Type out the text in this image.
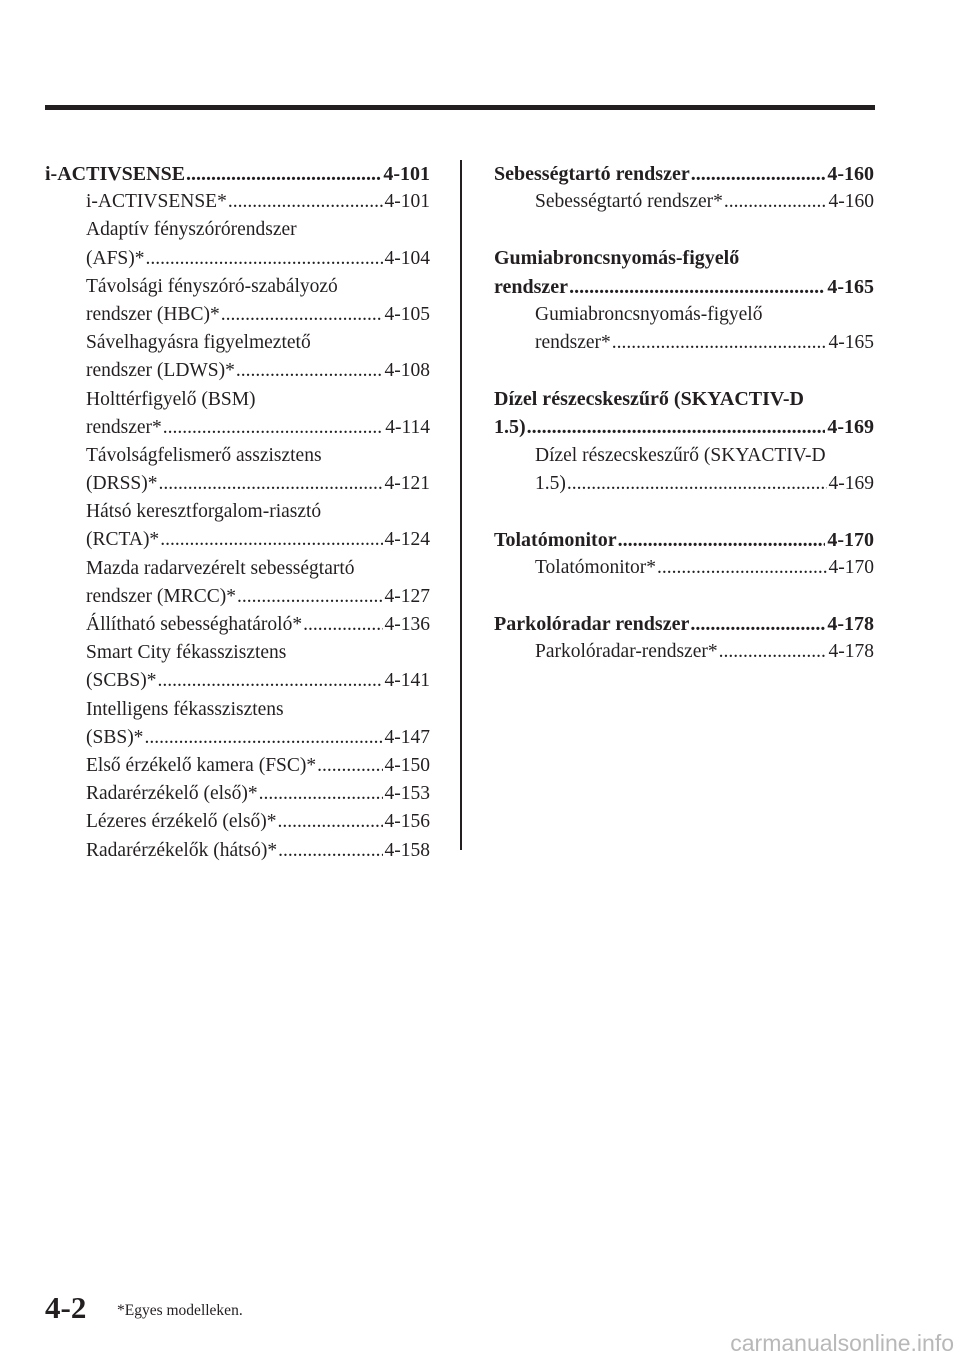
i-ACTIVSENSE .....	4-101
i-ACTIVSENSE* .....	4-101
Adaptív fényszórórendszer
(AFS)* .....	4-104
Távolsági fényszóró-szabályozó
rendszer (HBC)* .....	4-105
Sávelhagyásra figyelmeztető
rendszer (LDWS)* .....	4-108
Holttérfigyelő (BSM)
rendszer* .....	4-114
Távolságfelismerő asszisztens
(DRSS)* .....	4-121
Hátsó keresztforgalom-riasztó
(RCTA)* .....	4-124
Mazda radarvezérelt sebességtartó
rendszer (MRCC)* .....	4-127
Állítható sebességhatároló* .....	4-136
Smart City fékasszisztens
(SCBS)* .....	4-141
Intelligens fékasszisztens
(SBS)* .....	4-147
Első érzékelő kamera (FSC)* .....	4-150
Radarérzékelő (első)* .....	4-153
Lézeres érzékelő (első)* .....	4-156
Radarérzékelők (hátsó)* .....	4-158
Sebességtartó rendszer .....	4-160
Sebességtartó rendszer* .....	4-160
Gumiabroncsnyomás-figyelő
rendszer .....	4-165
Gumiabroncsnyomás-figyelő
rendszer* .....	4-165
Dízel részecskeszűrő (SKYACTIV-D
1.5) .....	4-169
Dízel részecskeszűrő (SKYACTIV-D
1.5) .....	4-169
Tolatómonitor .....	4-170
Tolatómonitor* .....	4-170
Parkolóradar rendszer .....	4-178
Parkolóradar-rendszer* .....	4-178
4-2 *Egyes modelleken.
carmanualsonline.info
